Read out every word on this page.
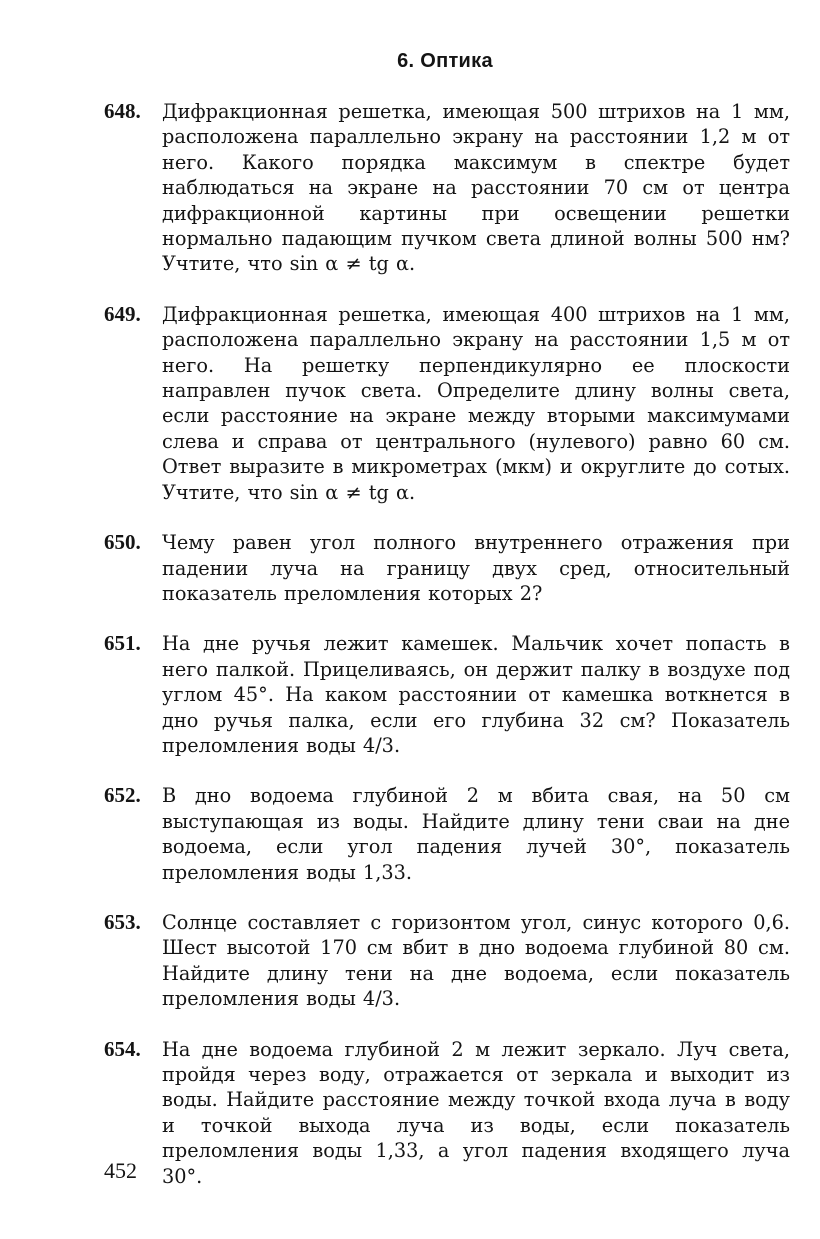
6. Оптика
648. Дифракционная решетка, имеющая 500 штрихов на 1 мм, расположена параллельно экрану на расстоянии 1,2 м от него. Какого порядка максимум в спектре будет наблюдаться на экране на расстоянии 70 см от центра дифракционной картины при освещении решетки нормально падающим пучком света длиной волны 500 нм? Учтите, что sin α ≠ tg α.
649. Дифракционная решетка, имеющая 400 штрихов на 1 мм, расположена параллельно экрану на расстоянии 1,5 м от него. На решетку перпендикулярно ее плоскости направлен пучок света. Определите длину волны света, если расстояние на экране между вторыми максимумами слева и справа от центрального (нулевого) равно 60 см. Ответ выразите в микрометрах (мкм) и округлите до сотых. Учтите, что sin α ≠ tg α.
650. Чему равен угол полного внутреннего отражения при падении луча на границу двух сред, относительный показатель преломления которых 2?
651. На дне ручья лежит камешек. Мальчик хочет попасть в него палкой. Прицеливаясь, он держит палку в воздухе под углом 45°. На каком расстоянии от камешка воткнется в дно ручья палка, если его глубина 32 см? Показатель преломления воды 4/3.
652. В дно водоема глубиной 2 м вбита свая, на 50 см выступающая из воды. Найдите длину тени сваи на дне водоема, если угол падения лучей 30°, показатель преломления воды 1,33.
653. Солнце составляет с горизонтом угол, синус которого 0,6. Шест высотой 170 см вбит в дно водоема глубиной 80 см. Найдите длину тени на дне водоема, если показатель преломления воды 4/3.
654. На дне водоема глубиной 2 м лежит зеркало. Луч света, пройдя через воду, отражается от зеркала и выходит из воды. Найдите расстояние между точкой входа луча в воду и точкой выхода луча из воды, если показатель преломления воды 1,33, а угол падения входящего луча 30°.
452
